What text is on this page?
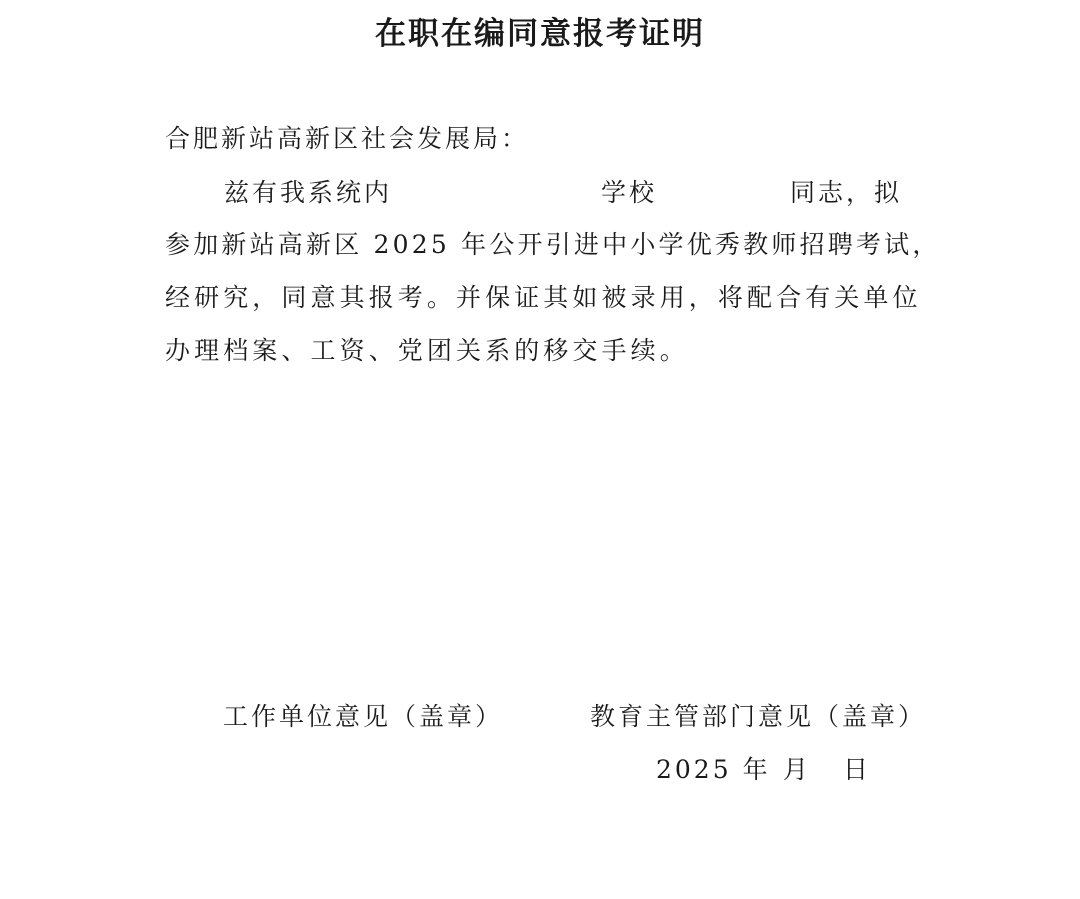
在职在编同意报考证明
合肥新站高新区社会发展局：
兹有我系统内	学校	同志，拟
参加新站高新区 2025 年公开引进中小学优秀教师招聘考试，
经研究，同意其报考。并保证其如被录用，将配合有关单位
办理档案、工资、党团关系的移交手续。
工作单位意见（盖章）	教育主管部门意见（盖章）
2025 年 月 日
